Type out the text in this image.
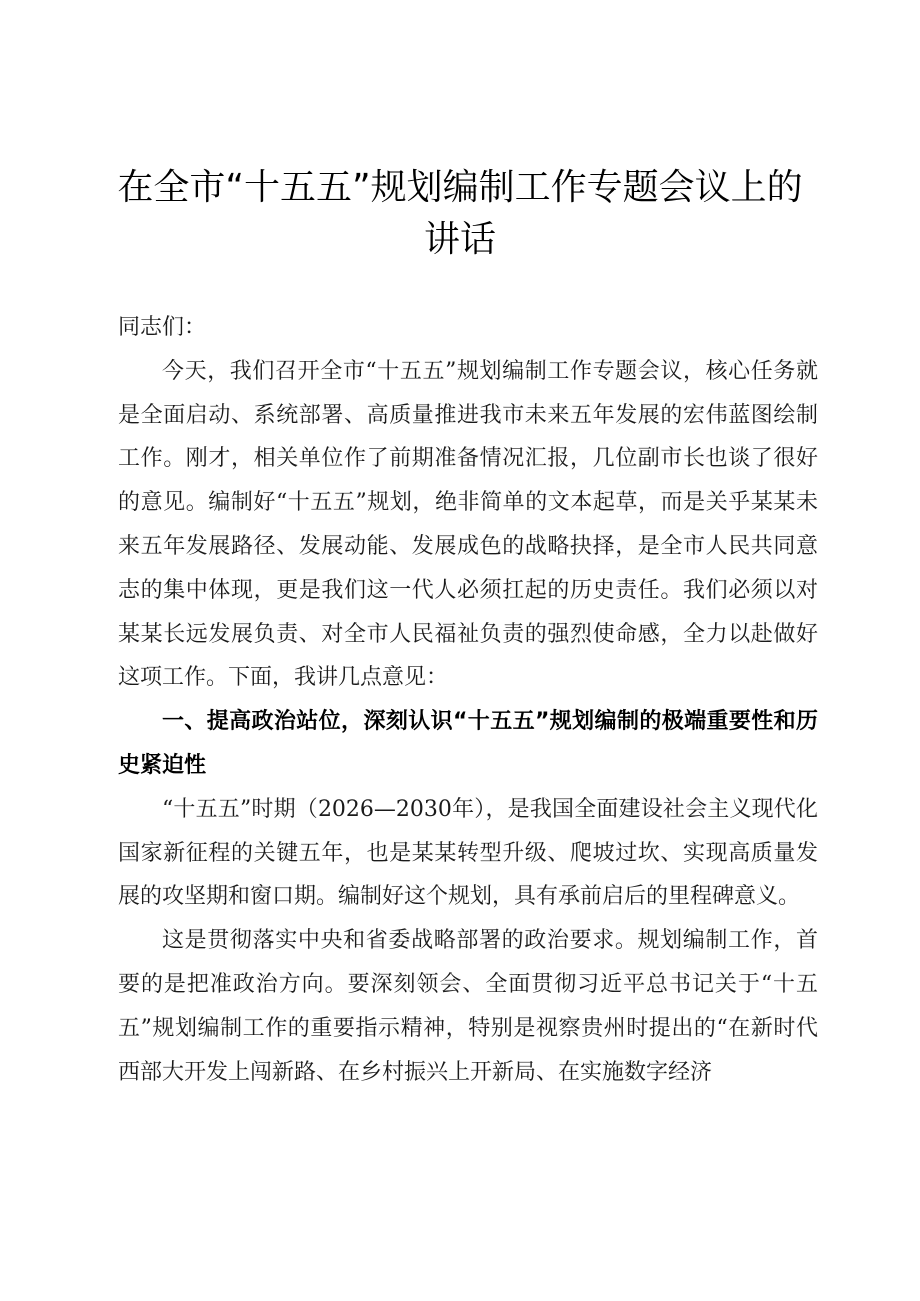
在全市“十五五”规划编制工作专题会议上的讲话

同志们：

今天，我们召开全市“十五五”规划编制工作专题会议，核心任务就是全面启动、系统部署、高质量推进我市未来五年发展的宏伟蓝图绘制工作。刚才，相关单位作了前期准备情况汇报，几位副市长也谈了很好的意见。编制好“十五五”规划，绝非简单的文本起草，而是关乎某某未来五年发展路径、发展动能、发展成色的战略抉择，是全市人民共同意志的集中体现，更是我们这一代人必须扛起的历史责任。我们必须以对某某长远发展负责、对全市人民福祉负责的强烈使命感，全力以赴做好这项工作。下面，我讲几点意见：

一、提高政治站位，深刻认识“十五五”规划编制的极端重要性和历史紧迫性

“十五五”时期（2026—2030年），是我国全面建设社会主义现代化国家新征程的关键五年，也是某某转型升级、爬坡过坎、实现高质量发展的攻坚期和窗口期。编制好这个规划，具有承前启后的里程碑意义。

这是贯彻落实中央和省委战略部署的政治要求。规划编制工作，首要的是把准政治方向。要深刻领会、全面贯彻习近平总书记关于“十五五”规划编制工作的重要指示精神，特别是视察贵州时提出的“在新时代西部大开发上闯新路、在乡村振兴上开新局、在实施数字经济
